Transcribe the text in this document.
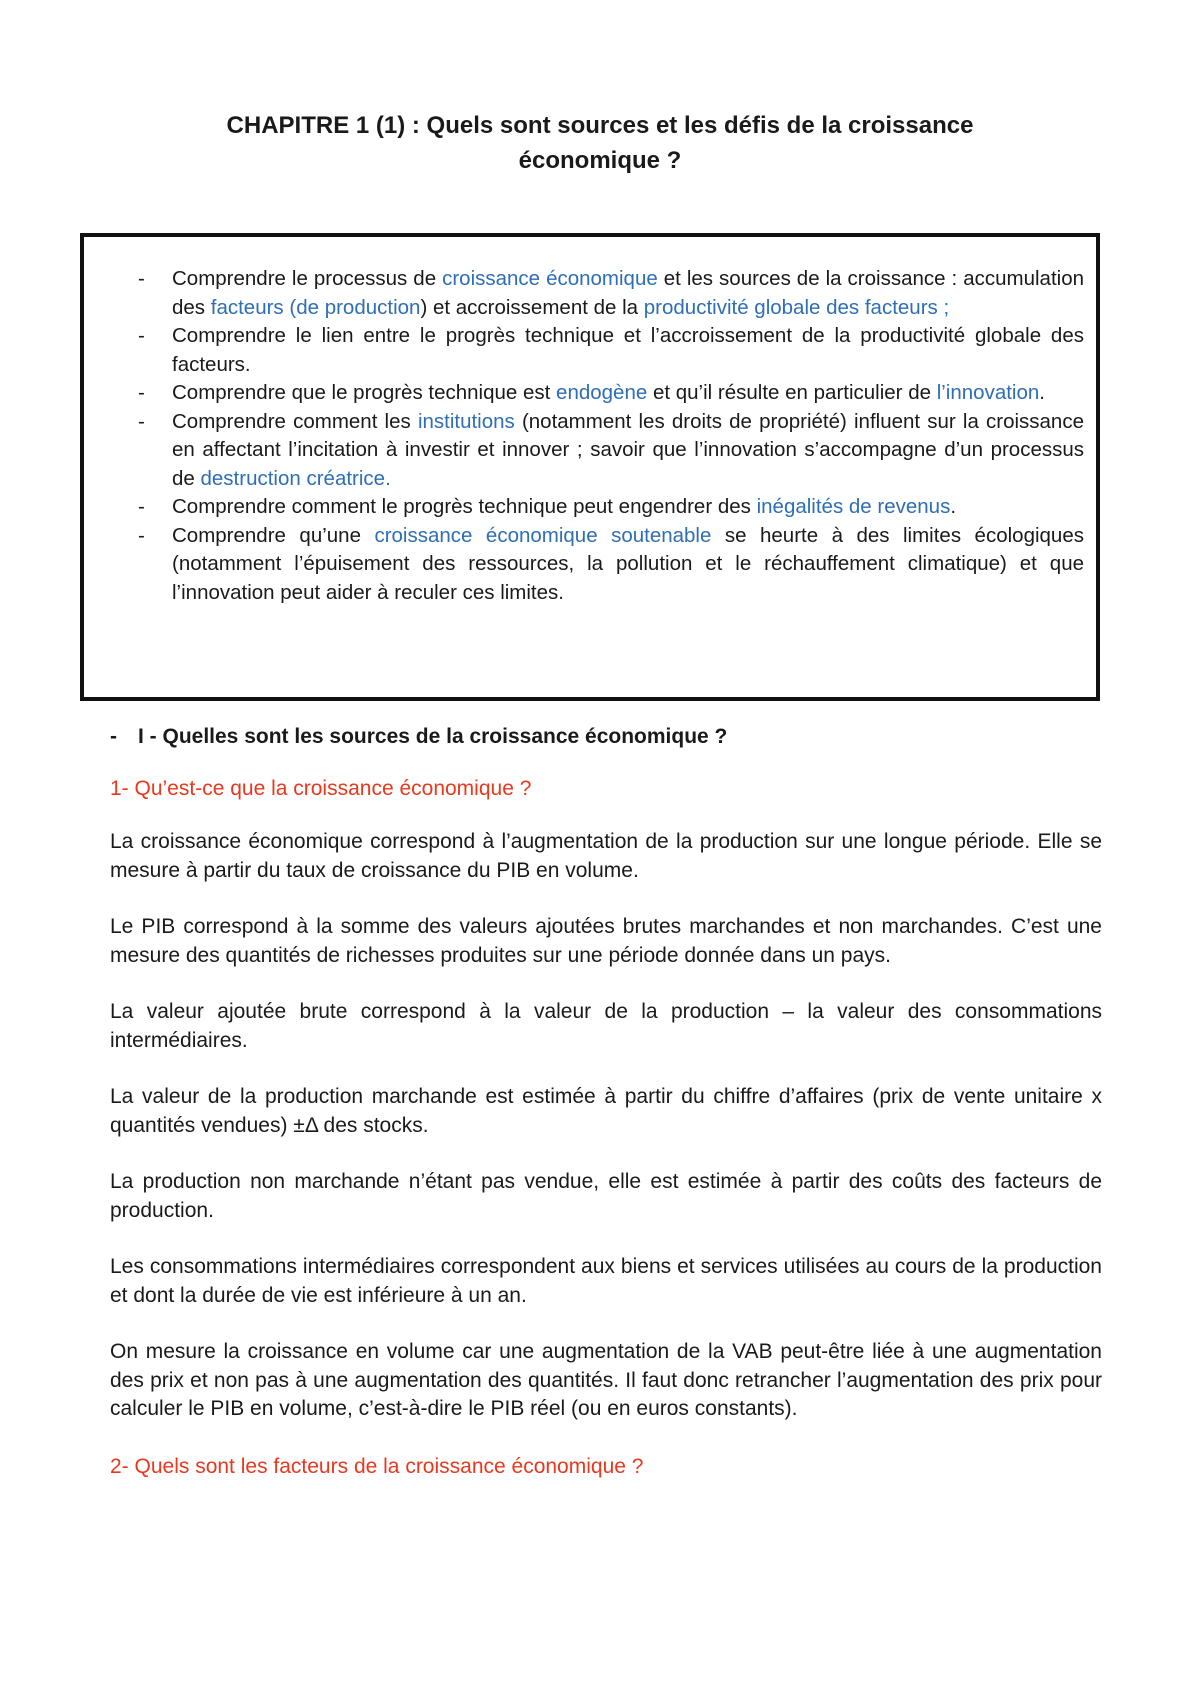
CHAPITRE 1 (1) : Quels sont sources et les défis de la croissance
économique ?
- Comprendre le processus de croissance économique et les sources de la croissance : accumulation des facteurs (de production) et accroissement de la productivité globale des facteurs ;
- Comprendre le lien entre le progrès technique et l’accroissement de la productivité globale des facteurs.
- Comprendre que le progrès technique est endogène et qu’il résulte en particulier de l’innovation.
- Comprendre comment les institutions (notamment les droits de propriété) influent sur la croissance en affectant l’incitation à investir et innover ; savoir que l’innovation s’accompagne d’un processus de destruction créatrice.
- Comprendre comment le progrès technique peut engendrer des inégalités de revenus.
- Comprendre qu’une croissance économique soutenable se heurte à des limites écologiques (notamment l’épuisement des ressources, la pollution et le réchauffement climatique) et que l’innovation peut aider à reculer ces limites.
- I - Quelles sont les sources de la croissance économique ?
1- Qu’est-ce que la croissance économique ?

La croissance économique correspond à l’augmentation de la production sur une longue période. Elle se mesure à partir du taux de croissance du PIB en volume.

Le PIB correspond à la somme des valeurs ajoutées brutes marchandes et non marchandes. C’est une mesure des quantités de richesses produites sur une période donnée dans un pays.

La valeur ajoutée brute correspond à la valeur de la production – la valeur des consommations intermédiaires.

La valeur de la production marchande est estimée à partir du chiffre d’affaires (prix de vente unitaire x quantités vendues) ±Δ des stocks.

La production non marchande n’étant pas vendue, elle est estimée à partir des coûts des facteurs de production.

Les consommations intermédiaires correspondent aux biens et services utilisées au cours de la production et dont la durée de vie est inférieure à un an.

On mesure la croissance en volume car une augmentation de la VAB peut-être liée à une augmentation des prix et non pas à une augmentation des quantités. Il faut donc retrancher l’augmentation des prix pour calculer le PIB en volume, c’est-à-dire le PIB réel (ou en euros constants).

2- Quels sont les facteurs de la croissance économique ?
